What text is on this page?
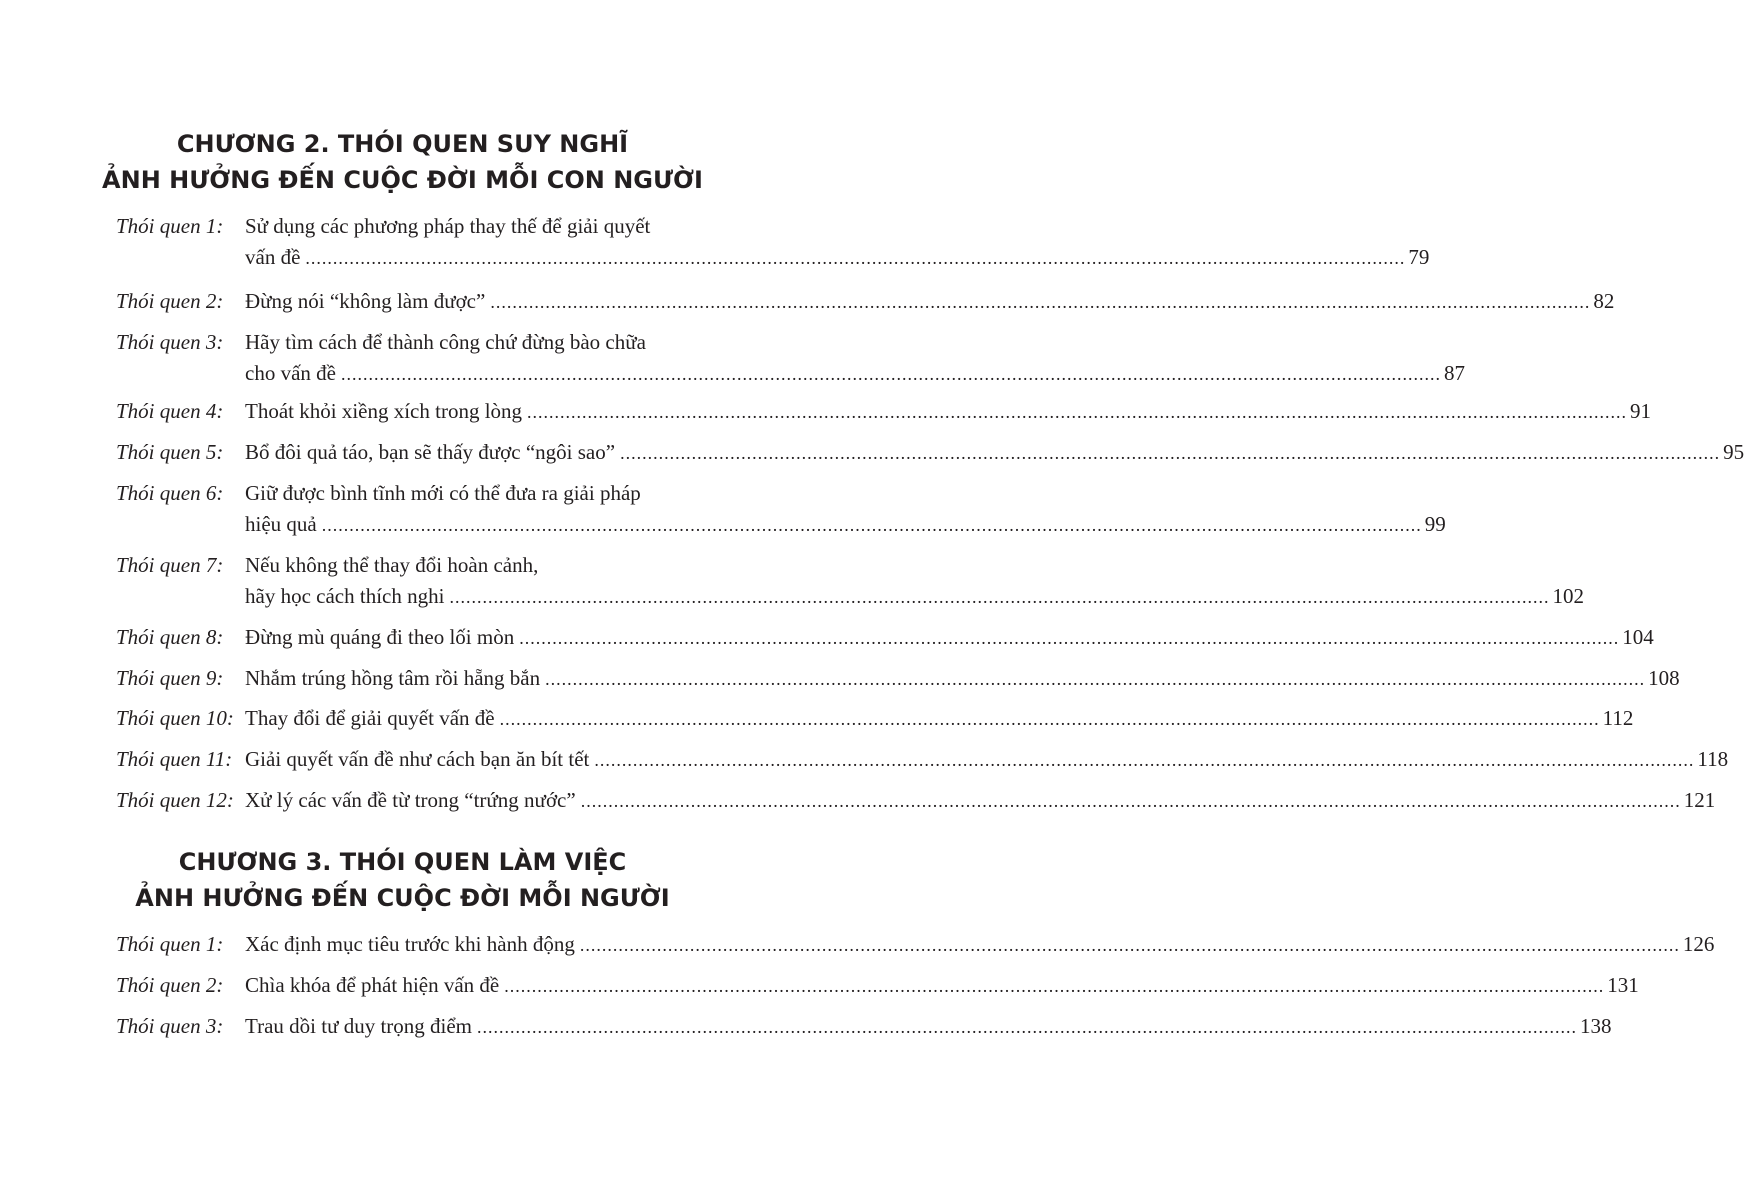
CHƯƠNG 2. THÓI QUEN SUY NGHĨ
ẢNH HƯỞNG ĐẾN CUỘC ĐỜI MỖI CON NGƯỜI
Thói quen 1: Sử dụng các phương pháp thay thế để giải quyết
vấn đề ........................................................................................................................................................................................................ 79
Thói quen 2: Đừng nói “không làm được” ........................................................................................................................................................................................................ 82
Thói quen 3: Hãy tìm cách để thành công chứ đừng bào chữa
cho vấn đề ........................................................................................................................................................................................................ 87
Thói quen 4: Thoát khỏi xiềng xích trong lòng ........................................................................................................................................................................................................ 91
Thói quen 5: Bổ đôi quả táo, bạn sẽ thấy được “ngôi sao” ........................................................................................................................................................................................................ 95
Thói quen 6: Giữ được bình tĩnh mới có thể đưa ra giải pháp
hiệu quả ........................................................................................................................................................................................................ 99
Thói quen 7: Nếu không thể thay đổi hoàn cảnh,
hãy học cách thích nghi ........................................................................................................................................................................................................ 102
Thói quen 8: Đừng mù quáng đi theo lối mòn ........................................................................................................................................................................................................ 104
Thói quen 9: Nhắm trúng hồng tâm rồi hẵng bắn ........................................................................................................................................................................................................ 108
Thói quen 10: Thay đổi để giải quyết vấn đề ........................................................................................................................................................................................................ 112
Thói quen 11: Giải quyết vấn đề như cách bạn ăn bít tết ........................................................................................................................................................................................................ 118
Thói quen 12: Xử lý các vấn đề từ trong “trứng nước” ........................................................................................................................................................................................................ 121
CHƯƠNG 3. THÓI QUEN LÀM VIỆC
ẢNH HƯỞNG ĐẾN CUỘC ĐỜI MỖI NGƯỜI
Thói quen 1: Xác định mục tiêu trước khi hành động ........................................................................................................................................................................................................ 126
Thói quen 2: Chìa khóa để phát hiện vấn đề ........................................................................................................................................................................................................ 131
Thói quen 3: Trau dồi tư duy trọng điểm ........................................................................................................................................................................................................ 138
